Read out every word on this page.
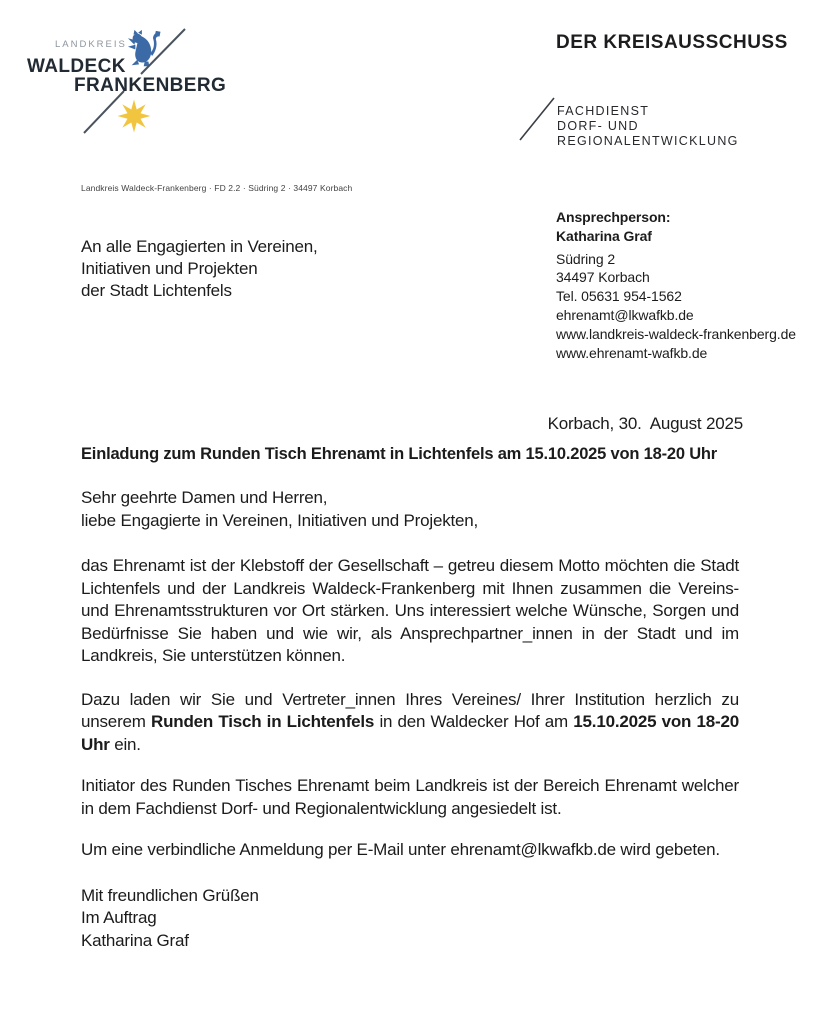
LANDKREIS
WALDECK
FRANKENBERG
DER KREISAUSSCHUSS
FACHDIENST
DORF- UND
REGIONALENTWICKLUNG
Landkreis Waldeck-Frankenberg · FD 2.2 · Südring 2 · 34497 Korbach
An alle Engagierten in Vereinen,
Initiativen und Projekten
der Stadt Lichtenfels
Ansprechperson:
Katharina Graf
Südring 2
34497 Korbach
Tel. 05631 954-1562
ehrenamt@lkwafkb.de
www.landkreis-waldeck-frankenberg.de
www.ehrenamt-wafkb.de
Korbach, 30.  August 2025
Einladung zum Runden Tisch Ehrenamt in Lichtenfels am 15.10.2025 von 18-20 Uhr
Sehr geehrte Damen und Herren,
liebe Engagierte in Vereinen, Initiativen und Projekten,
das Ehrenamt ist der Klebstoff der Gesellschaft – getreu diesem Motto möchten die Stadt Lichtenfels und der Landkreis Waldeck-Frankenberg mit Ihnen zusammen die Vereins- und Ehrenamtsstrukturen vor Ort stärken. Uns interessiert welche Wünsche, Sorgen und Bedürfnisse Sie haben und wie wir, als Ansprechpartner_innen in der Stadt und im Landkreis, Sie unterstützen können.
Dazu laden wir Sie und Vertreter_innen Ihres Vereines/ Ihrer Institution herzlich zu unserem Runden Tisch in Lichtenfels in den Waldecker Hof am 15.10.2025 von 18-20 Uhr ein.
Initiator des Runden Tisches Ehrenamt beim Landkreis ist der Bereich Ehrenamt welcher in dem Fachdienst Dorf- und Regionalentwicklung angesiedelt ist.
Um eine verbindliche Anmeldung per E-Mail unter ehrenamt@lkwafkb.de wird gebeten.
Mit freundlichen Grüßen
Im Auftrag
Katharina Graf
